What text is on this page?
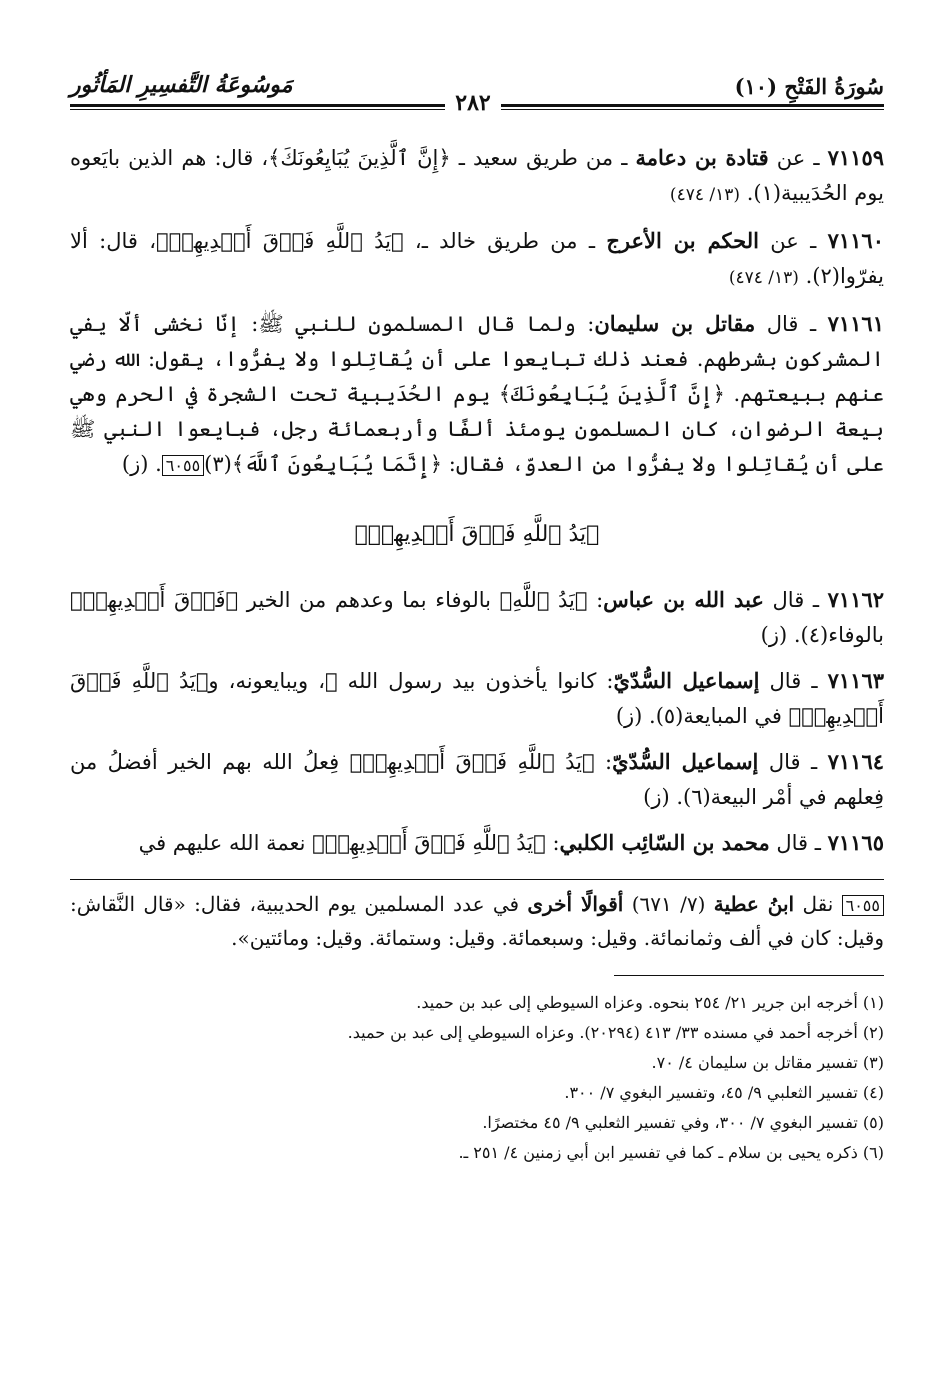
سُورَةُ الفَتْحِ (١٠)
مَوسُوعَةُ التَّفسِيرِ المَأثُور
٢٨٢

٧١١٥٩ ـ عن قتادة بن دعامة ـ من طريق سعيد ـ ﴿إِنَّ ٱلَّذِينَ يُبَايِعُونَكَ﴾، قال: هم الذين بايَعوه يوم الحُدَيبية(١). (١٣/ ٤٧٤)

٧١١٦٠ ـ عن الحكم بن الأعرج ـ من طريق خالد ـ، ﴿يَدُ ٱللَّهِ فَوۡقَ أَيۡدِيهِمۡ﴾، قال: ألا يفرّوا(٢). (١٣/ ٤٧٤)

٧١١٦١ ـ قال مقاتل بن سليمان: ولما قال المسلمون للنبي ﷺ: إنّا نخشى ألّا يفي المشركون بشرطهم. فعند ذلك تبايعوا على أن يُقاتِلوا ولا يفرُّوا، يقول: الله رضي عنهم ببيعتهم. ﴿إِنَّ ٱلَّذِينَ يُبَايِعُونَكَ﴾ يوم الحُدَيبية تحت الشجرة في الحرم وهي بيعة الرضوان، كان المسلمون يومئذ ألفًا وأربعمائة رجل، فبايعوا النبي ﷺ على أن يُقاتِلوا ولا يفرُّوا من العدوّ، فقال: ﴿إِنَّمَا يُبَايِعُونَ ٱللَّهَ﴾(٣)٦٠٥٥. (ز)

﴿يَدُ ٱللَّهِ فَوۡقَ أَيۡدِيهِمۡ﴾

٧١١٦٢ ـ قال عبد الله بن عباس: ﴿يَدُ ٱللَّهِ﴾ بالوفاء بما وعدهم من الخير ﴿فَوۡقَ أَيۡدِيهِمۡ﴾ بالوفاء(٤). (ز)

٧١١٦٣ ـ قال إسماعيل السُّدّيّ: كانوا يأخذون بيد رسول الله ﷺ، ويبايعونه، و﴿يَدُ ٱللَّهِ فَوۡقَ أَيۡدِيهِمۡ﴾ في المبايعة(٥). (ز)

٧١١٦٤ ـ قال إسماعيل السُّدّيّ: ﴿يَدُ ٱللَّهِ فَوۡقَ أَيۡدِيهِمۡ﴾ فِعلُ الله بهم الخير أفضلُ من فِعلهم في أمْر البيعة(٦). (ز)

٧١١٦٥ ـ قال محمد بن السّائِب الكلبي: ﴿يَدُ ٱللَّهِ فَوۡقَ أَيۡدِيهِمۡ﴾ نعمة الله عليهم في

٦٠٥٥ نقل ابنُ عطية (٧/ ٦٧١) أقوالًا أخرى في عدد المسلمين يوم الحديبية، فقال: «قال النَّقاش: وقيل: كان في ألف وثمانمائة. وقيل: وسبعمائة. وقيل: وستمائة. وقيل: ومائتين».

(١) أخرجه ابن جرير ٢١/ ٢٥٤ بنحوه. وعزاه السيوطي إلى عبد بن حميد.

(٢) أخرجه أحمد في مسنده ٣٣/ ٤١٣ (٢٠٢٩٤). وعزاه السيوطي إلى عبد بن حميد.

(٣) تفسير مقاتل بن سليمان ٤/ ٧٠.

(٤) تفسير الثعلبي ٩/ ٤٥، وتفسير البغوي ٧/ ٣٠٠.

(٥) تفسير البغوي ٧/ ٣٠٠، وفي تفسير الثعلبي ٩/ ٤٥ مختصرًا.

(٦) ذكره يحيى بن سلام ـ كما في تفسير ابن أبي زمنين ٤/ ٢٥١ ـ.
